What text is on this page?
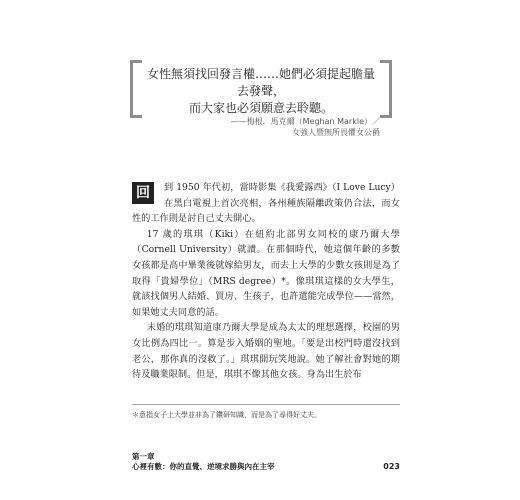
女性無須找回發言權……她們必須提起膽量去發聲，
而大家也必須願意去聆聽。
——梅根．馬克爾（Meghan Markle）／
女強人暨無所畏懼女公爵
回	到 1950 年代初，當時影集《我愛露西》（I Love Lucy）在黑白電視上首次亮相，各州種族隔離政策仍合法，而女性的工作則是討自己丈夫開心。

17 歲的琪琪（Kiki）在紐約北部男女同校的康乃爾大學（Cornell University）就讀。在那個時代，她這個年齡的多數女孩都是高中畢業後就嫁給男友，而去上大學的少數女孩則是為了取得「貴婦學位」（MRS degree）*。像琪琪這樣的女大學生，就該找個男人結婚、買房、生孩子，也許還能完成學位——當然，如果她丈夫同意的話。

未婚的琪琪知道康乃爾大學是成為太太的理想選擇，校園的男女比例為四比一。算是步入婚姻的聖地。「要是出校門時還沒找到老公，那你真的沒救了。」琪琪開玩笑地說。她了解社會對她的期待及職業限制。但是，琪琪不像其他女孩。身為出生於布

＊意指女子上大學並非為了鑽研知識，而是為了尋得好丈夫。
第一章
心裡有數：你的直覺、逆境求勝與內在主宰	023
